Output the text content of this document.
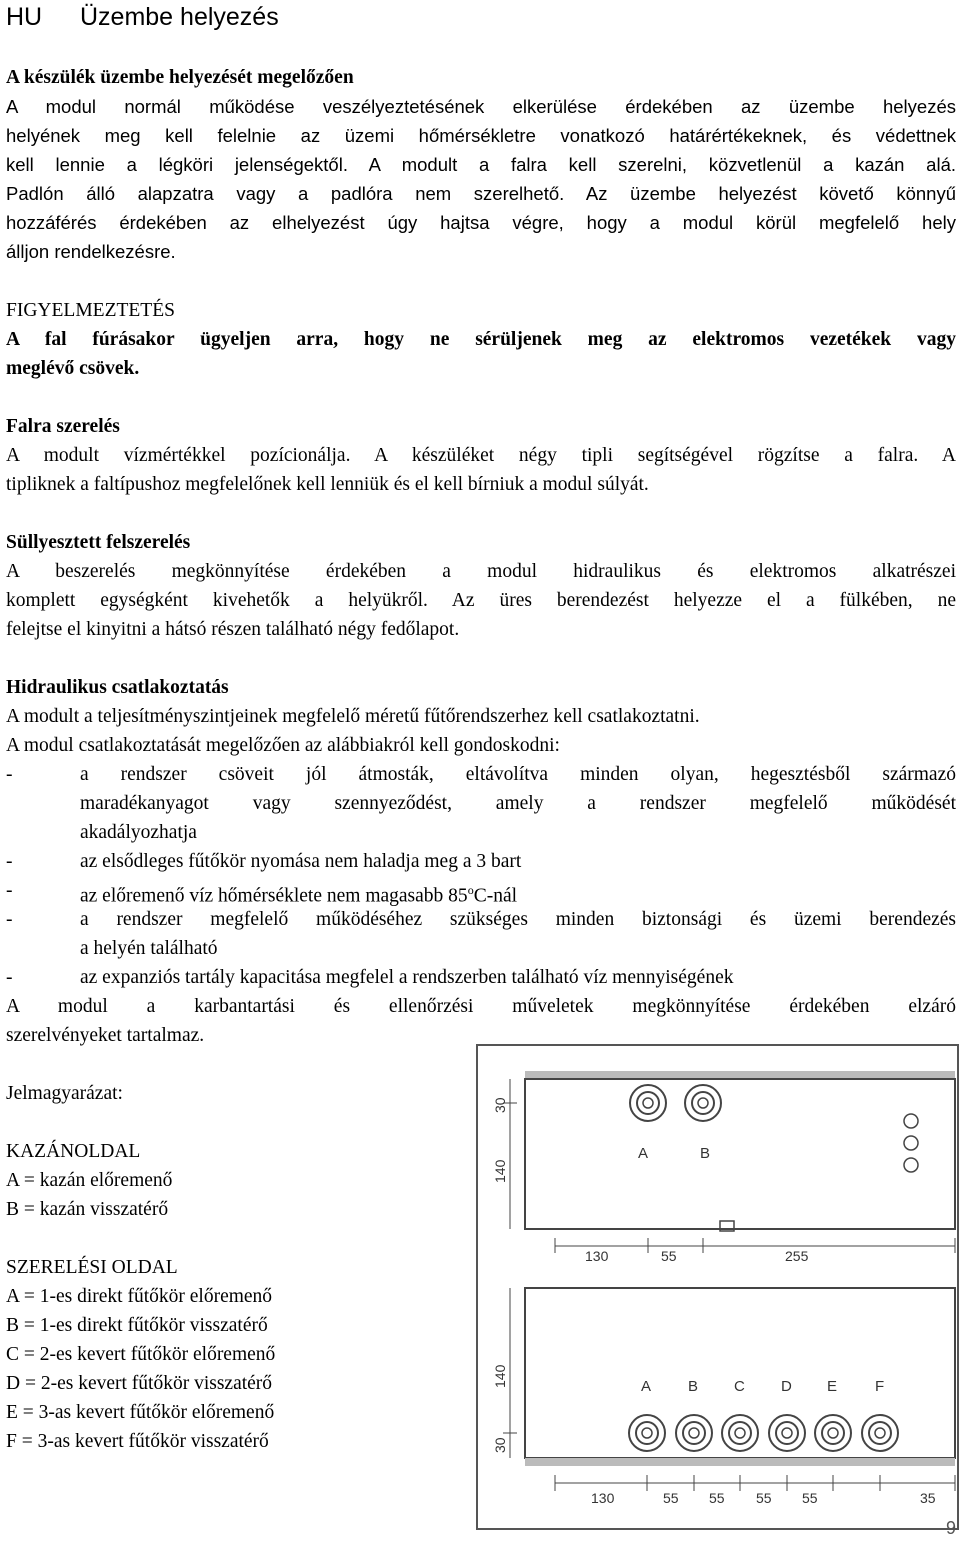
HU Üzembe helyezés
A készülék üzembe helyezését megelőzően
A modul normál működése veszélyeztetésének elkerülése érdekében az üzembe helyezés
helyének meg kell felelnie az üzemi hőmérsékletre vonatkozó határértékeknek, és védettnek
kell lennie a légköri jelenségektől. A modult a falra kell szerelni, közvetlenül a kazán alá.
Padlón álló alapzatra vagy a padlóra nem szerelhető. Az üzembe helyezést követő könnyű
hozzáférés érdekében az elhelyezést úgy hajtsa végre, hogy a modul körül megfelelő hely
álljon rendelkezésre.
FIGYELMEZTETÉS
A fal fúrásakor ügyeljen arra, hogy ne sérüljenek meg az elektromos vezetékek vagy
meglévő csövek.
Falra szerelés
A modult vízmértékkel pozícionálja. A készüléket négy tipli segítségével rögzítse a falra. A
tipliknek a faltípushoz megfelelőnek kell lenniük és el kell bírniuk a modul súlyát.
Süllyesztett felszerelés
A beszerelés megkönnyítése érdekében a modul hidraulikus és elektromos alkatrészei
komplett egységként kivehetők a helyükről. Az üres berendezést helyezze el a fülkében, ne
felejtse el kinyitni a hátsó részen található négy fedőlapot.
Hidraulikus csatlakoztatás
A modult a teljesítményszintjeinek megfelelő méretű fűtőrendszerhez kell csatlakoztatni.
A modul csatlakoztatását megelőzően az alábbiakról kell gondoskodni:
-	a rendszer csöveit jól átmosták, eltávolítva minden olyan, hegesztésből származó
maradékanyagot vagy szennyeződést, amely a rendszer megfelelő működését
akadályozhatja
-	az elsődleges fűtőkör nyomása nem haladja meg a 3 bart
-	az előremenő víz hőmérséklete nem magasabb 85$^o$C-nál
-	a rendszer megfelelő működéséhez szükséges minden biztonsági és üzemi berendezés
a helyén található
-	az expanziós tartály kapacitása megfelel a rendszerben található víz mennyiségének
A modul a karbantartási és ellenőrzési műveletek megkönnyítése érdekében elzáró
szerelvényeket tartalmaz.
Jelmagyarázat:
KAZÁNOLDAL
A = kazán előremenő
B = kazán visszatérő
SZERELÉSI OLDAL
A = 1-es direkt fűtőkör előremenő
B = 1-es direkt fűtőkör visszatérő
C = 2-es kevert fűtőkör előremenő
D = 2-es kevert fűtőkör visszatérő
E = 3-as kevert fűtőkör előremenő
F = 3-as kevert fűtőkör visszatérő
A	B
30
140
130	55	255
A B C D E	F
140
30
130	55 55 55 55	35
9
